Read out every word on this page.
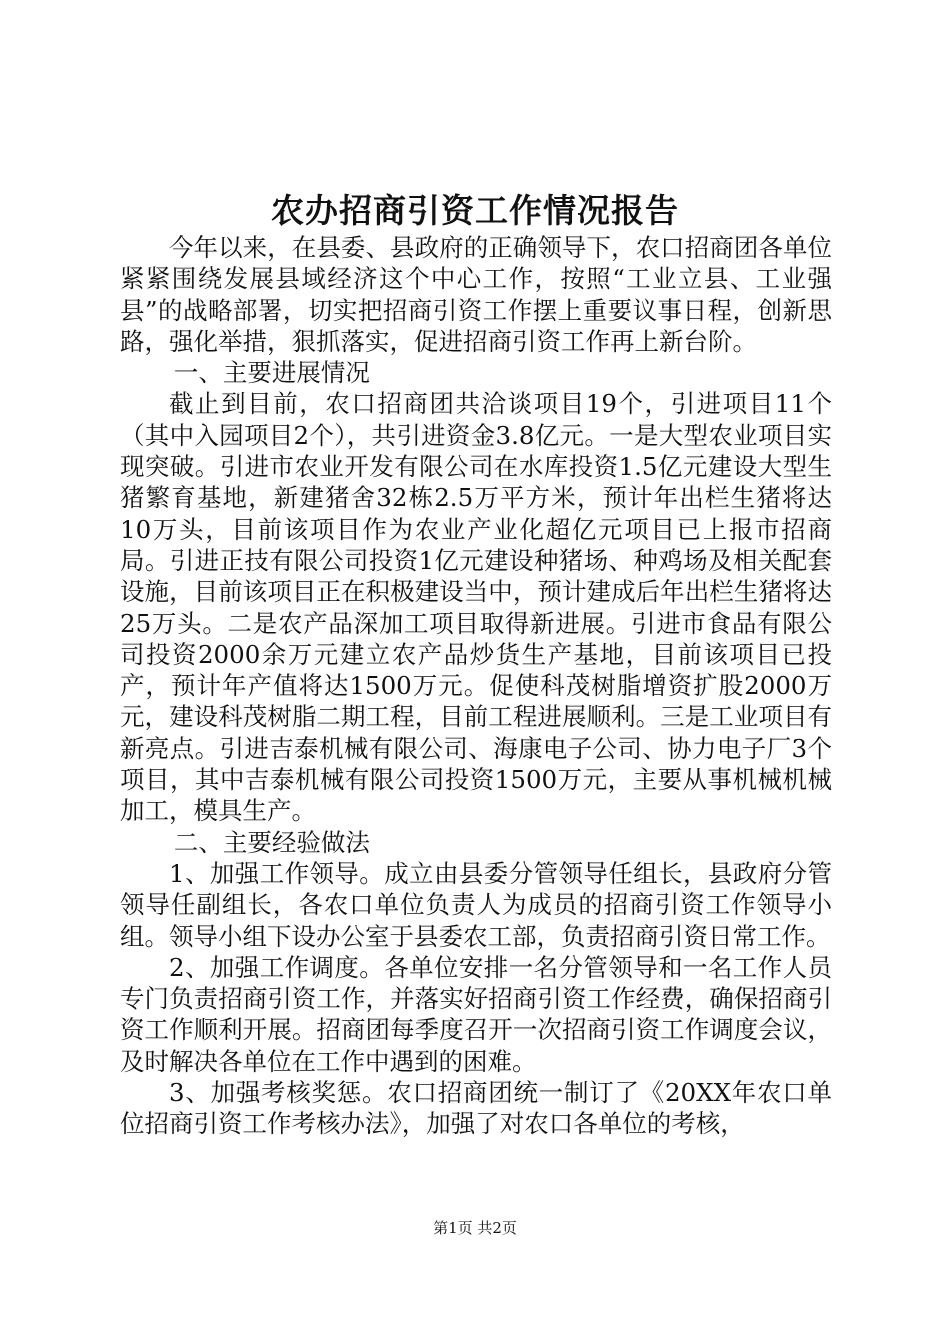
农办招商引资工作情况报告

今年以来，在县委、县政府的正确领导下，农口招商团各单位紧紧围绕发展县域经济这个中心工作，按照“工业立县、工业强县”的战略部署，切实把招商引资工作摆上重要议事日程，创新思路，强化举措，狠抓落实，促进招商引资工作再上新台阶。

一、主要进展情况

截止到目前，农口招商团共洽谈项目19个，引进项目11个（其中入园项目2个），共引进资金3.8亿元。一是大型农业项目实现突破。引进市农业开发有限公司在水库投资1.5亿元建设大型生猪繁育基地，新建猪舍32栋2.5万平方米，预计年出栏生猪将达10万头，目前该项目作为农业产业化超亿元项目已上报市招商局。引进正技有限公司投资1亿元建设种猪场、种鸡场及相关配套设施，目前该项目正在积极建设当中，预计建成后年出栏生猪将达25万头。二是农产品深加工项目取得新进展。引进市食品有限公司投资2000余万元建立农产品炒货生产基地，目前该项目已投产，预计年产值将达1500万元。促使科茂树脂增资扩股2000万元，建设科茂树脂二期工程，目前工程进展顺利。三是工业项目有新亮点。引进吉泰机械有限公司、海康电子公司、协力电子厂3个项目，其中吉泰机械有限公司投资1500万元，主要从事机械机械加工，模具生产。

二、主要经验做法

1、加强工作领导。成立由县委分管领导任组长，县政府分管领导任副组长，各农口单位负责人为成员的招商引资工作领导小组。领导小组下设办公室于县委农工部，负责招商引资日常工作。

2、加强工作调度。各单位安排一名分管领导和一名工作人员专门负责招商引资工作，并落实好招商引资工作经费，确保招商引资工作顺利开展。招商团每季度召开一次招商引资工作调度会议，及时解决各单位在工作中遇到的困难。

3、加强考核奖惩。农口招商团统一制订了《20XX年农口单位招商引资工作考核办法》，加强了对农口各单位的考核，

第1页 共2页
